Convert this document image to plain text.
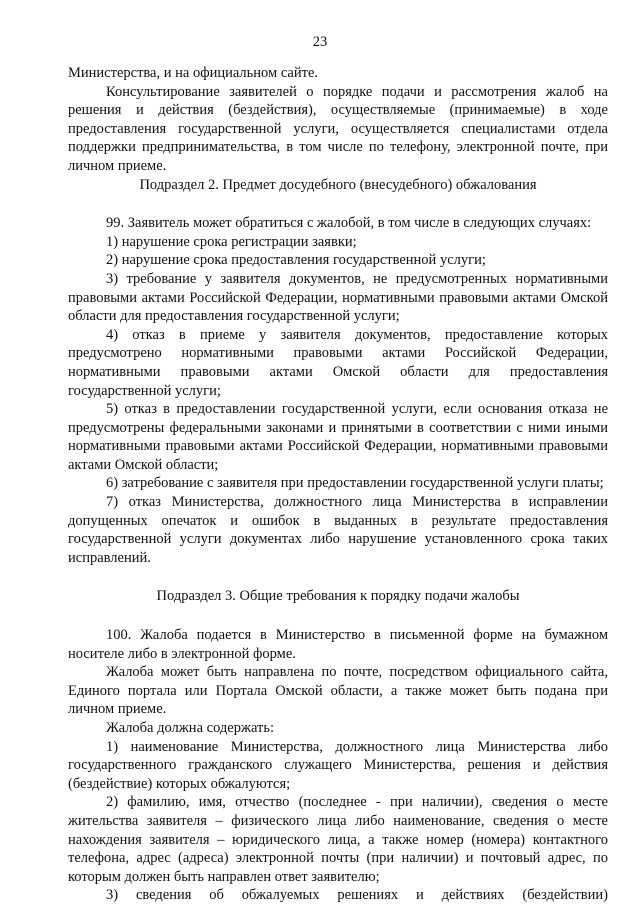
23

Министерства, и на официальном сайте.

Консультирование заявителей о порядке подачи и рассмотрения жалоб на решения и действия (бездействия), осуществляемые (принимаемые) в ходе предоставления государственной услуги, осуществляется специалистами отдела поддержки предпринимательства, в том числе по телефону, электронной почте, при личном приеме.

Подраздел 2. Предмет досудебного (внесудебного) обжалования

99. Заявитель может обратиться с жалобой, в том числе в следующих случаях:

1) нарушение срока регистрации заявки;

2) нарушение срока предоставления государственной услуги;

3) требование у заявителя документов, не предусмотренных нормативными правовыми актами Российской Федерации, нормативными правовыми актами Омской области для предоставления государственной услуги;

4) отказ в приеме у заявителя документов, предоставление которых предусмотрено нормативными правовыми актами Российской Федерации, нормативными правовыми актами Омской области для предоставления государственной услуги;

5) отказ в предоставлении государственной услуги, если основания отказа не предусмотрены федеральными законами и принятыми в соответствии с ними иными нормативными правовыми актами Российской Федерации, нормативными правовыми актами Омской области;

6) затребование с заявителя при предоставлении государственной услуги платы;

7) отказ Министерства, должностного лица Министерства в исправлении допущенных опечаток и ошибок в выданных в результате предоставления государственной услуги документах либо нарушение установленного срока таких исправлений.

Подраздел 3. Общие требования к порядку подачи жалобы

100. Жалоба подается в Министерство в письменной форме на бумажном носителе либо в электронной форме.

Жалоба может быть направлена по почте, посредством официального сайта, Единого портала или Портала Омской области, а также может быть подана при личном приеме.

Жалоба должна содержать:

1) наименование Министерства, должностного лица Министерства либо государственного гражданского служащего Министерства, решения и действия (бездействие) которых обжалуются;

2) фамилию, имя, отчество (последнее - при наличии), сведения о месте жительства заявителя – физического лица либо наименование, сведения о месте нахождения заявителя – юридического лица, а также номер (номера) контактного телефона, адрес (адреса) электронной почты (при наличии) и почтовый адрес, по которым должен быть направлен ответ заявителю;

3) сведения об обжалуемых решениях и действиях (бездействии)
